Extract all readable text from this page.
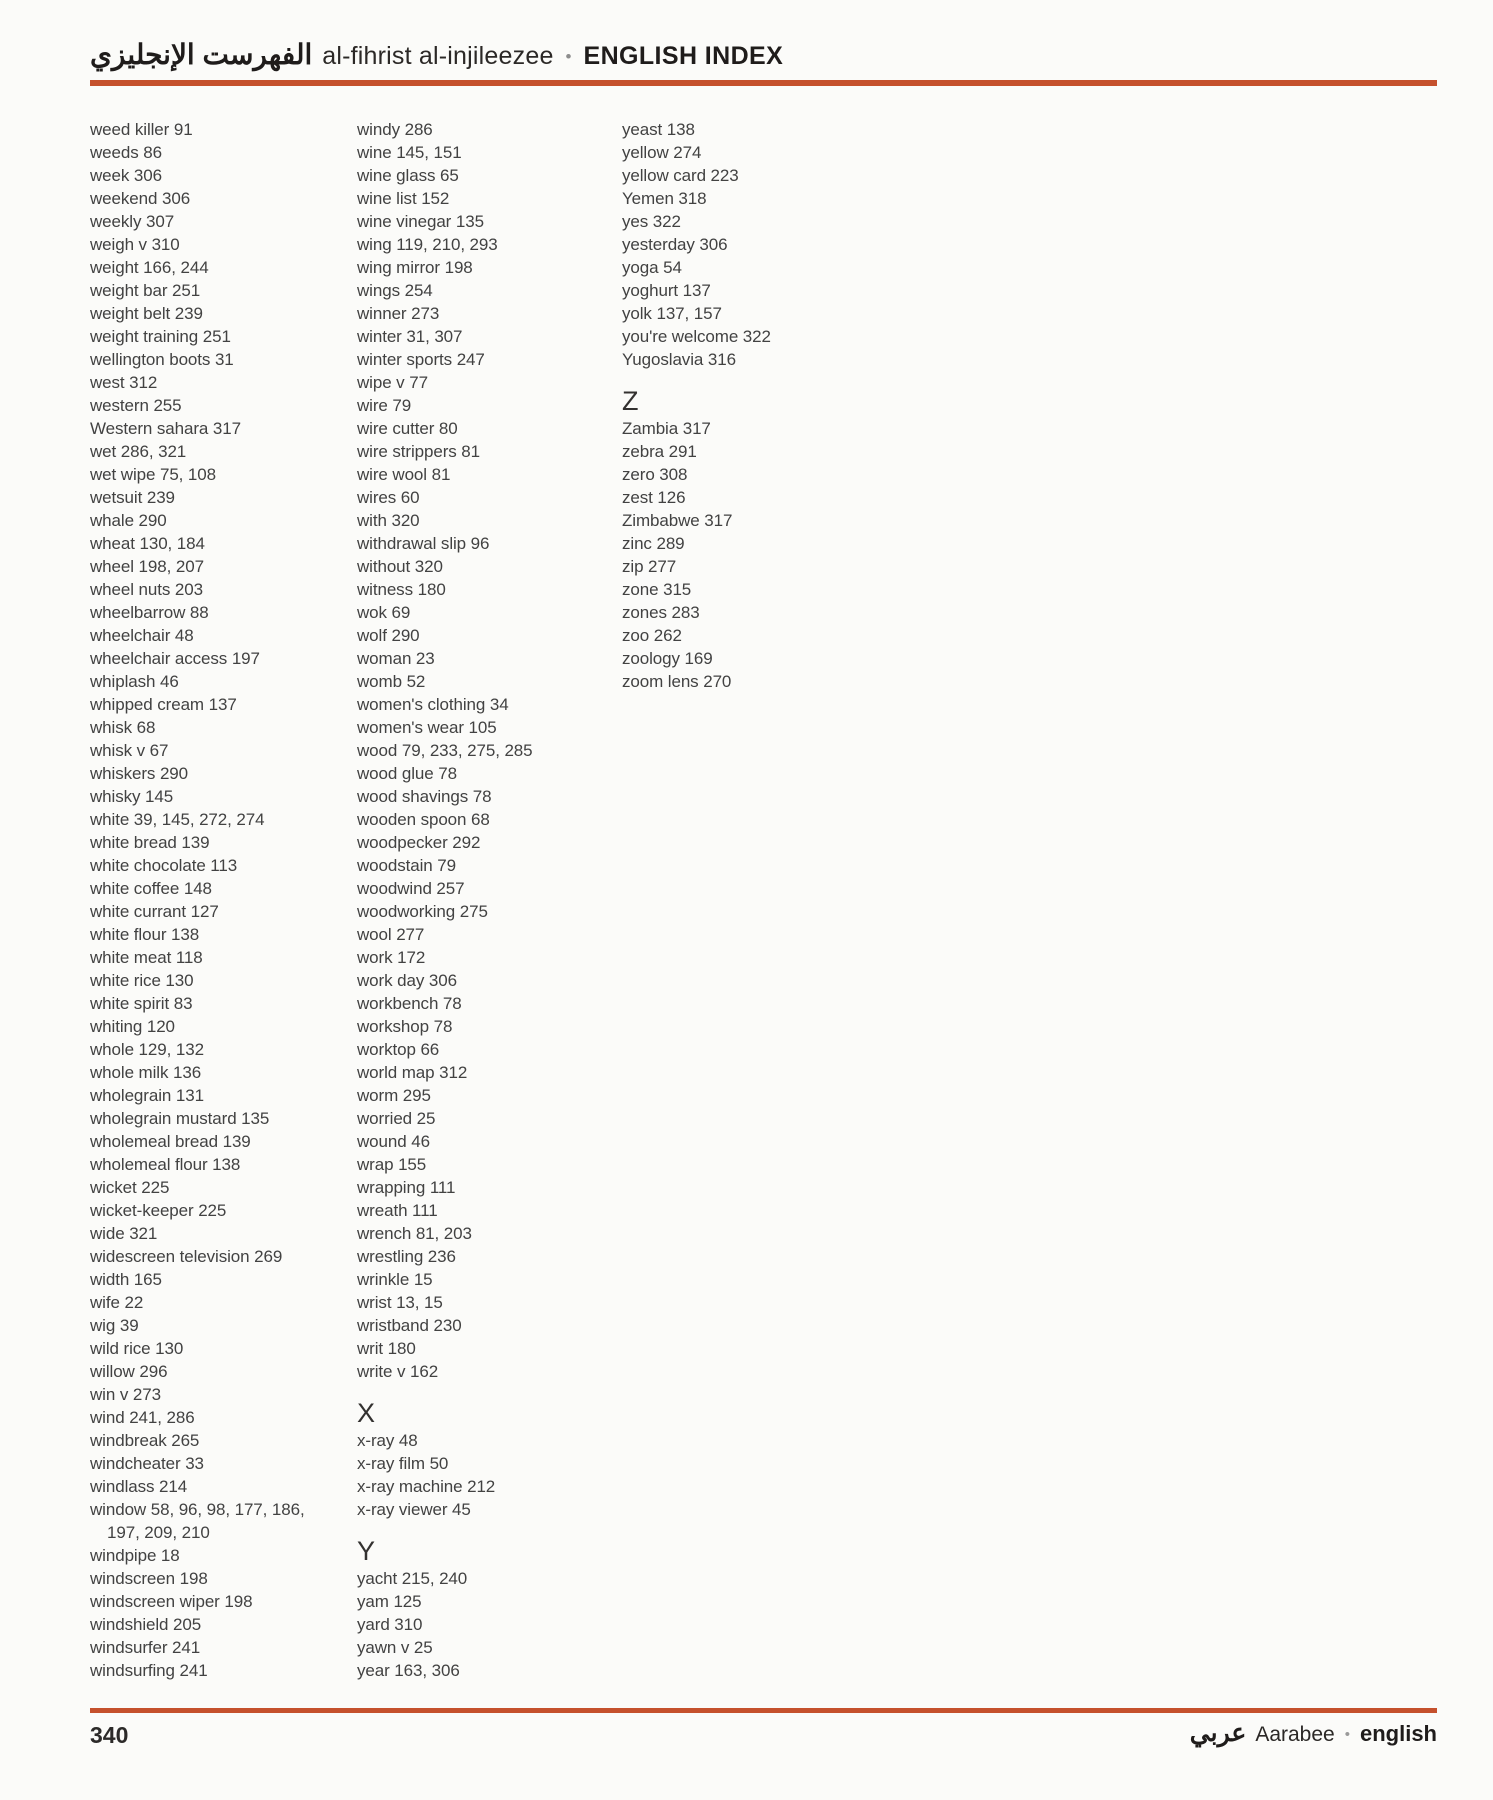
الفهرست الإنجليزي al-fihrist al-injileezee • ENGLISH INDEX
weed killer 91
weeds 86
week 306
weekend 306
weekly 307
weigh v 310
weight 166, 244
weight bar 251
weight belt 239
weight training 251
wellington boots 31
west 312
western 255
Western sahara 317
wet 286, 321
wet wipe 75, 108
wetsuit 239
whale 290
wheat 130, 184
wheel 198, 207
wheel nuts 203
wheelbarrow 88
wheelchair 48
wheelchair access 197
whiplash 46
whipped cream 137
whisk 68
whisk v 67
whiskers 290
whisky 145
white 39, 145, 272, 274
white bread 139
white chocolate 113
white coffee 148
white currant 127
white flour 138
white meat 118
white rice 130
white spirit 83
whiting 120
whole 129, 132
whole milk 136
wholegrain 131
wholegrain mustard 135
wholemeal bread 139
wholemeal flour 138
wicket 225
wicket-keeper 225
wide 321
widescreen television 269
width 165
wife 22
wig 39
wild rice 130
willow 296
win v 273
wind 241, 286
windbreak 265
windcheater 33
windlass 214
window 58, 96, 98, 177, 186, 197, 209, 210
windpipe 18
windscreen 198
windscreen wiper 198
windshield 205
windsurfer 241
windsurfing 241
windy 286
wine 145, 151
wine glass 65
wine list 152
wine vinegar 135
wing 119, 210, 293
wing mirror 198
wings 254
winner 273
winter 31, 307
winter sports 247
wipe v 77
wire 79
wire cutter 80
wire strippers 81
wire wool 81
wires 60
with 320
withdrawal slip 96
without 320
witness 180
wok 69
wolf 290
woman 23
womb 52
women's clothing 34
women's wear 105
wood 79, 233, 275, 285
wood glue 78
wood shavings 78
wooden spoon 68
woodpecker 292
woodstain 79
woodwind 257
woodworking 275
wool 277
work 172
work day 306
workbench 78
workshop 78
worktop 66
world map 312
worm 295
worried 25
wound 46
wrap 155
wrapping 111
wreath 111
wrench 81, 203
wrestling 236
wrinkle 15
wrist 13, 15
wristband 230
writ 180
write v 162
X
x-ray 48
x-ray film 50
x-ray machine 212
x-ray viewer 45
Y
yacht 215, 240
yam 125
yard 310
yawn v 25
year 163, 306
yeast 138
yellow 274
yellow card 223
Yemen 318
yes 322
yesterday 306
yoga 54
yoghurt 137
yolk 137, 157
you're welcome 322
Yugoslavia 316
Z
Zambia 317
zebra 291
zero 308
zest 126
Zimbabwe 317
zinc 289
zip 277
zone 315
zones 283
zoo 262
zoology 169
zoom lens 270
340	عربي Aarabee • english
